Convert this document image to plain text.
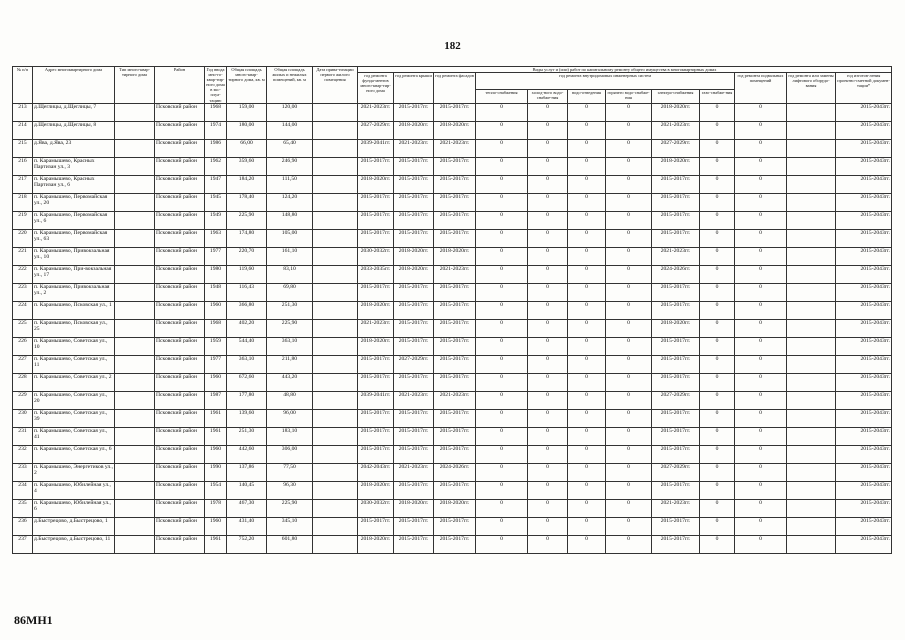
182
№ п/п	Адрес многоквартирного дома	Тип много-квар-тирного дома	Район	Год ввода мно-го-квар-тир-ного дома в экс-плуа-тацию	Общая площадь много-квар-тирного дома, кв. м	Общая площадь жилых и нежилых помещений, кв. м	Дата прива-тизации первого жилого помещения	Виды услуг и (или) работ по капитальному ремонту общего имущества в многоквартирных домах											
								год ремонта фунда-ментов много-квар-тир-ного дома	год ремонта крыши	год ремонта фасадов	год ремонта внутридомовых инженерных систем						год ремонта подвальных помещений	год ремонта или замены лифтового оборудо-вания	год изготов-ления проектно-сметной докумен-тации*
											тепло-снабжения	холод-ного водо-снабже-ния	водо-отведения	горячего водо-снабже-ния	электро-снабжения	газо-снабже-ния			
213	д.Щеглицы, д.Щеглицы, 7		Псковский район	1968	159,00	120,00		2021-2023гг.	2015-2017гг.	2015-2017гг.	0	0	0	0	2018-2020гг.	0	0		2015-2043гг.
214	д.Щеглицы, д.Щеглицы, 8		Псковский район	1974	180,00	144,00		2027-2029гг.	2018-2020гг.	2018-2020гг.	0	0	0	0	2021-2023гг.	0	0		2015-2043гг.
215	д.Ява, д.Ява, 23		Псковский район	1986	66,00	65,40		2039-2041гг.	2021-2023гг.	2021-2023гг.	0	0	0	0	2027-2029гг.	0	0		2015-2043гг.
216	п. Карамышево, Красных Партизан ул., 3		Псковский район	1962	359,60	246,90		2015-2017гг.	2015-2017гг.	2015-2017гг.	0	0	0	0	2018-2020гг.	0	0		2015-2043гг.
217	п. Карамышево, Красных Партизан ул., 6		Псковский район	1947	184,20	111,50		2018-2020гг.	2015-2017гг.	2015-2017гг.	0	0	0	0	2015-2017гг.	0	0		2015-2043гг.
218	п. Карамышево, Первомайская ул., 20		Псковский район	1945	178,40	124,20		2015-2017гг.	2015-2017гг.	2015-2017гг.	0	0	0	0	2015-2017гг.	0	0		2015-2043гг.
219	п. Карамышево, Первомайская ул., 6		Псковский район	1949	225,90	148,80		2015-2017гг.	2015-2017гг.	2015-2017гг.	0	0	0	0	2015-2017гг.	0	0		2015-2043гг.
220	п. Карамышево, Первомайская ул., 63		Псковский район	1963	174,80	105,00		2015-2017гг.	2015-2017гг.	2015-2017гг.	0	0	0	0	2015-2017гг.	0	0		2015-2043гг.
221	п. Карамышево, Привокзальная ул., 10		Псковский район	1977	220,70	161,10		2030-2032гг.	2018-2020гг.	2018-2020гг.	0	0	0	0	2021-2023гг.	0	0		2015-2043гг.
222	п. Карамышево, При-вокзальная ул., 17		Псковский район	1980	119,60	83,10		2033-2035гг.	2018-2020гг.	2021-2023гг.	0	0	0	0	2024-2026гг.	0	0		2015-2043гг.
223	п. Карамышево, Привокзальная ул., 2		Псковский район	1948	116,43	69,80		2015-2017гг.	2015-2017гг.	2015-2017гг.	0	0	0	0	2015-2017гг.	0	0		2015-2043гг.
224	п. Карамышево, Псковская ул., 1		Псковский район	1960	366,80	251,30		2018-2020гг.	2015-2017гг.	2015-2017гг.	0	0	0	0	2015-2017гг.	0	0		2015-2043гг.
225	п. Карамышево, Псковская ул., 25		Псковский район	1968	402,20	225,90		2021-2023гг.	2015-2017гг.	2015-2017гг.	0	0	0	0	2018-2020гг.	0	0		2015-2043гг.
226	п. Карамышево, Советская ул., 10		Псковский район	1959	544,40	363,10		2018-2020гг.	2015-2017гг.	2015-2017гг.	0	0	0	0	2015-2017гг.	0	0		2015-2043гг.
227	п. Карамышево, Советская ул., 11		Псковский район	1977	363,10	211,80		2015-2017гг.	2027-2029гг.	2015-2017гг.	0	0	0	0	2015-2017гг.	0	0		2015-2043гг.
228	п. Карамышево, Советская ул., 2		Псковский район	1960	672,60	443,20		2015-2017гг.	2015-2017гг.	2015-2017гг.	0	0	0	0	2015-2017гг.	0	0		2015-2043гг.
229	п. Карамышево, Советская ул., 20		Псковский район	1987	177,80	48,80		2039-2041гг.	2021-2023гг.	2021-2023гг.	0	0	0	0	2027-2029гг.	0	0		2015-2043гг.
230	п. Карамышево, Советская ул., 39		Псковский район	1961	139,60	96,00		2015-2017гг.	2015-2017гг.	2015-2017гг.	0	0	0	0	2015-2017гг.	0	0		2015-2043гг.
231	п. Карамышево, Советская ул., 41		Псковский район	1961	251,30	183,10		2015-2017гг.	2015-2017гг.	2015-2017гг.	0	0	0	0	2015-2017гг.	0	0		2015-2043гг.
232	п. Карамышево, Советская ул., 6		Псковский район	1960	442,60	306,00		2015-2017гг.	2015-2017гг.	2015-2017гг.	0	0	0	0	2015-2017гг.	0	0		2015-2043гг.
233	п. Карамышево, Энергетиков ул., 2		Псковский район	1990	137,86	77,50		2042-2043гг.	2021-2023гг.	2024-2026гг.	0	0	0	0	2027-2029гг.	0	0		2015-2043гг.
234	п. Карамышево, Юбилейная ул., 4		Псковский район	1954	140,45	96,30		2018-2020гг.	2015-2017гг.	2015-2017гг.	0	0	0	0	2015-2017гг.	0	0		2015-2043гг.
235	п. Карамышево, Юбилейная ул., 6		Псковский район	1978	467,30	225,90		2030-2032гг.	2018-2020гг.	2018-2020гг.	0	0	0	0	2021-2023гг.	0	0		2015-2043гг.
236	д.Быстрецово, д.Быстрецово, 1		Псковский район	1960	431,40	345,10		2015-2017гг.	2015-2017гг.	2015-2017гг.	0	0	0	0	2015-2017гг.	0	0		2015-2043гг.
237	д.Быстрецово, д.Быстрецово, 11		Псковский район	1961	752,20	601,80		2018-2020гг.	2015-2017гг.	2015-2017гг.	0	0	0	0	2015-2017гг.	0	0		2015-2043гг.
86MH1
